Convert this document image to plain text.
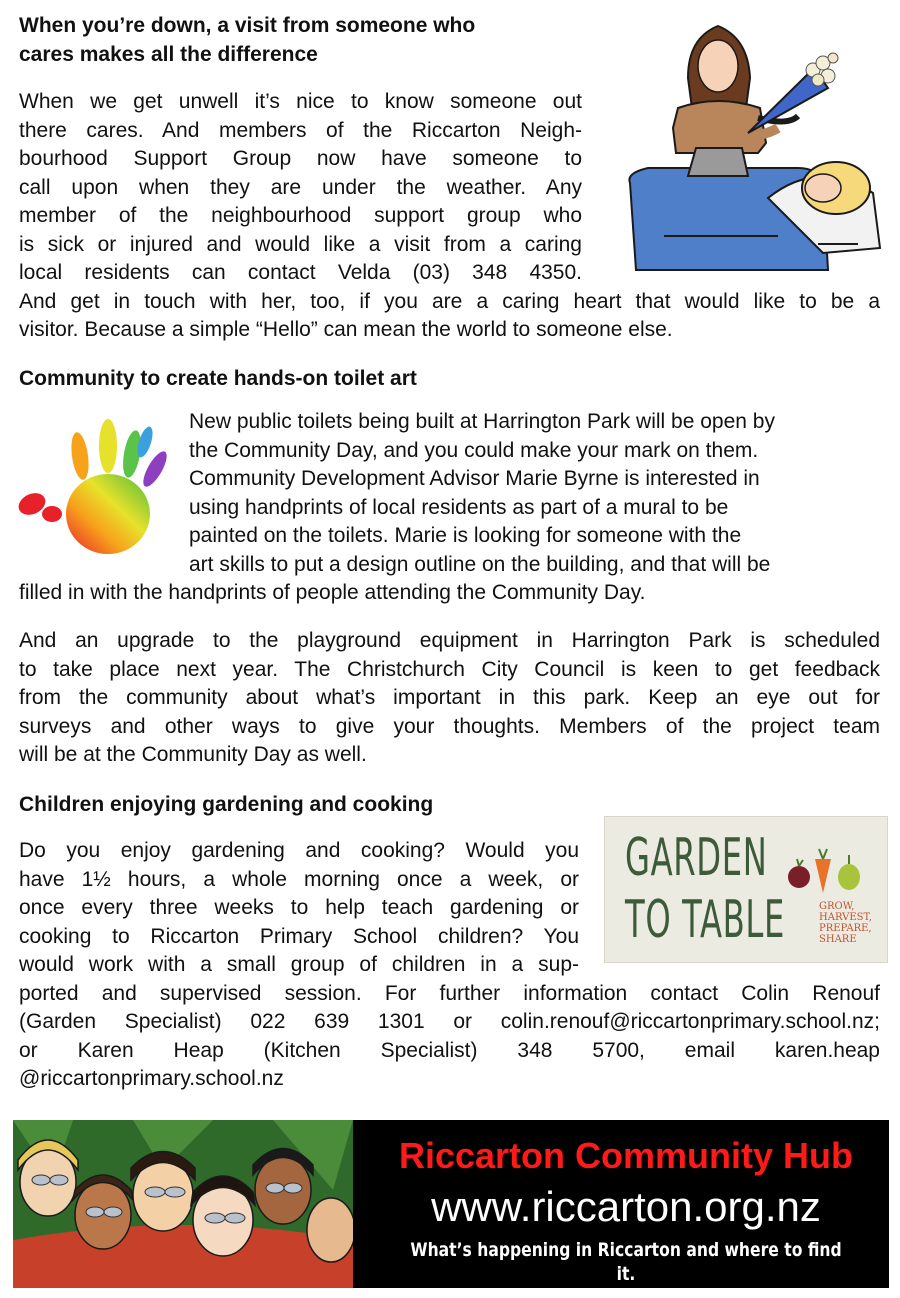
When you’re down, a visit from someone who
cares makes all the difference
When we get unwell it’s nice to know someone out
there cares. And members of the Riccarton Neigh-
bourhood Support Group now have someone to
call upon when they are under the weather. Any
member of the neighbourhood support group who
is sick or injured and would like a visit from a caring
local residents can contact Velda (03) 348 4350.
And get in touch with her, too, if you are a caring heart that would like to be a
visitor. Because a simple “Hello” can mean the world to someone else.
Community to create hands-on toilet art
New public toilets being built at Harrington Park will be open by
the Community Day, and you could make your mark on them.
Community Development Advisor Marie Byrne is interested in
using handprints of local residents as part of a mural to be
painted on the toilets. Marie is looking for someone with the
art skills to put a design outline on the building, and that will be
filled in with the handprints of people attending the Community Day.
And an upgrade to the playground equipment in Harrington Park is scheduled
to take place next year. The Christchurch City Council is keen to get feedback
from the community about what’s important in this park. Keep an eye out for
surveys and other ways to give your thoughts. Members of the project team
will be at the Community Day as well.
Children enjoying gardening and cooking
Do you enjoy gardening and cooking? Would you
have 1½ hours, a whole morning once a week, or
once every three weeks to help teach gardening or
cooking to Riccarton Primary School children? You
would work with a small group of children in a sup-
ported and supervised session. For further information contact Colin Renouf
(Garden Specialist) 022 639 1301 or colin.renouf@riccartonprimary.school.nz;
or Karen Heap (Kitchen Specialist) 348 5700, email karen.heap
@riccartonprimary.school.nz
GARDEN
TO TABLE	GROW,
HARVEST,
PREPARE,
SHARE
Riccarton Community Hub
www.riccarton.org.nz
What’s happening in Riccarton and where to find it.
